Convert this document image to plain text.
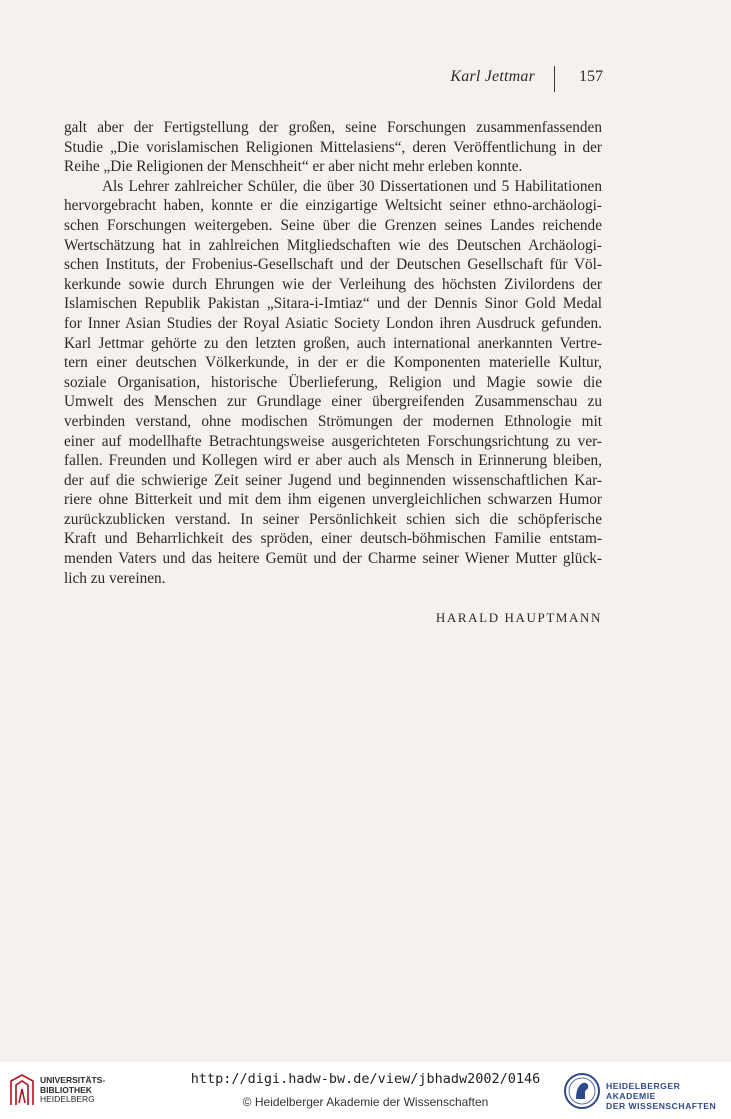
Karl Jettmar	157
galt aber der Fertigstellung der großen, seine Forschungen zusammenfassenden
Studie „Die vorislamischen Religionen Mittelasiens“, deren Veröffentlichung in der
Reihe „Die Religionen der Menschheit“ er aber nicht mehr erleben konnte.
Als Lehrer zahlreicher Schüler, die über 30 Dissertationen und 5 Habilitationen
hervorgebracht haben, konnte er die einzigartige Weltsicht seiner ethno-archäologi-
schen Forschungen weitergeben. Seine über die Grenzen seines Landes reichende
Wertschätzung hat in zahlreichen Mitgliedschaften wie des Deutschen Archäologi-
schen Instituts, der Frobenius-Gesellschaft und der Deutschen Gesellschaft für Völ-
kerkunde sowie durch Ehrungen wie der Verleihung des höchsten Zivilordens der
Islamischen Republik Pakistan „Sitara-i-Imtiaz“ und der Dennis Sinor Gold Medal
for Inner Asian Studies der Royal Asiatic Society London ihren Ausdruck gefunden.
Karl Jettmar gehörte zu den letzten großen, auch international anerkannten Vertre-
tern einer deutschen Völkerkunde, in der er die Komponenten materielle Kultur,
soziale Organisation, historische Überlieferung, Religion und Magie sowie die
Umwelt des Menschen zur Grundlage einer übergreifenden Zusammenschau zu
verbinden verstand, ohne modischen Strömungen der modernen Ethnologie mit
einer auf modellhafte Betrachtungsweise ausgerichteten Forschungsrichtung zu ver-
fallen. Freunden und Kollegen wird er aber auch als Mensch in Erinnerung bleiben,
der auf die schwierige Zeit seiner Jugend und beginnenden wissenschaftlichen Kar-
riere ohne Bitterkeit und mit dem ihm eigenen unvergleichlichen schwarzen Humor
zurückzublicken verstand. In seiner Persönlichkeit schien sich die schöpferische
Kraft und Beharrlichkeit des spröden, einer deutsch-böhmischen Familie entstam-
menden Vaters und das heitere Gemüt und der Charme seiner Wiener Mutter glück-
lich zu vereinen.
HARALD HAUPTMANN
UNIVERSITÄTS-
BIBLIOTHEK
HEIDELBERG
http://digi.hadw-bw.de/view/jbhadw2002/0146
© Heidelberger Akademie der Wissenschaften
HEIDELBERGER AKADEMIE
DER WISSENSCHAFTEN
